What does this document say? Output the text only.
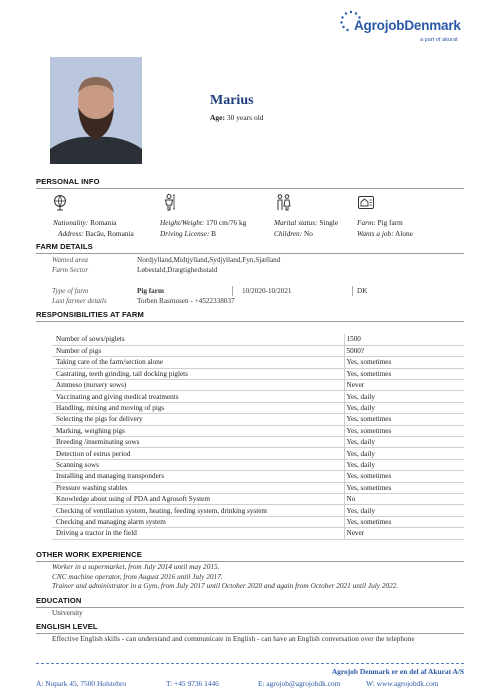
AgrojobDenmark
a part of akurat
Marius
Age: 30 years old
PERSONAL INFO
Nationality: Romania
Address: Bacău, Romania
Height/Weight: 170 cm/76 kg
Driving License: B
Marital status: Single
Children: No
Farm: Pig farm
Wants a job: Alone
FARM DETAILS
Wanted area	Nordjylland,Midtjylland,Sydjylland,Fyn,Sjælland
Farm Sector	Løbestald,Drægtighedsstald
Type of farm	Pig farm	10/2020-10/2021	DK
Last farmer details	Torben Rasmusen - +4522338037
RESPONSIBILITIES AT FARM
Number of sows/piglets	1500
Number of pigs	5000?
Taking care of the farm/section alone	Yes, sometimes
Castrating, teeth grinding, tail docking piglets	Yes, sometimes
Ammeso (nursery sows)	Never
Vaccinating and giving medical treatments	Yes, daily
Handling, mixing and moving of pigs	Yes, daily
Selecting the pigs for delivery	Yes, sometimes
Marking, weighing pigs	Yes, sometimes
Breeding /inseminating sows	Yes, daily
Detection of estrus period	Yes, daily
Scanning sows	Yes, daily
Installing and managing transponders	Yes, sometimes
Pressure washing stables	Yes, sometimes
Knowledge about using of PDA and Agrosoft System	No
Checking of ventilation system, heating, feeding system, drinking system	Yes, daily
Checking and managing alarm system	Yes, sometimes
Driving a tractor in the field	Never
OTHER WORK EXPERIENCE
Worker in a supermarket, from July 2014 until may 2015.
CNC machine operator, from August 2016 until July 2017.
Trainer and administrator in a Gym, from July 2017 until October 2020 and again from October 2021 until July 2022.
EDUCATION
University
ENGLISH LEVEL
Effective English skills - can understand and communicate in English - can have an English conversation over the telephone
Agrojob Denmark er en del af Akurat A/S
A: Nupark 45, 7500 Holstebro	T: +45 9736 1446	E: agrojob@agrojobdk.com	W: www.agrojobdk.com
